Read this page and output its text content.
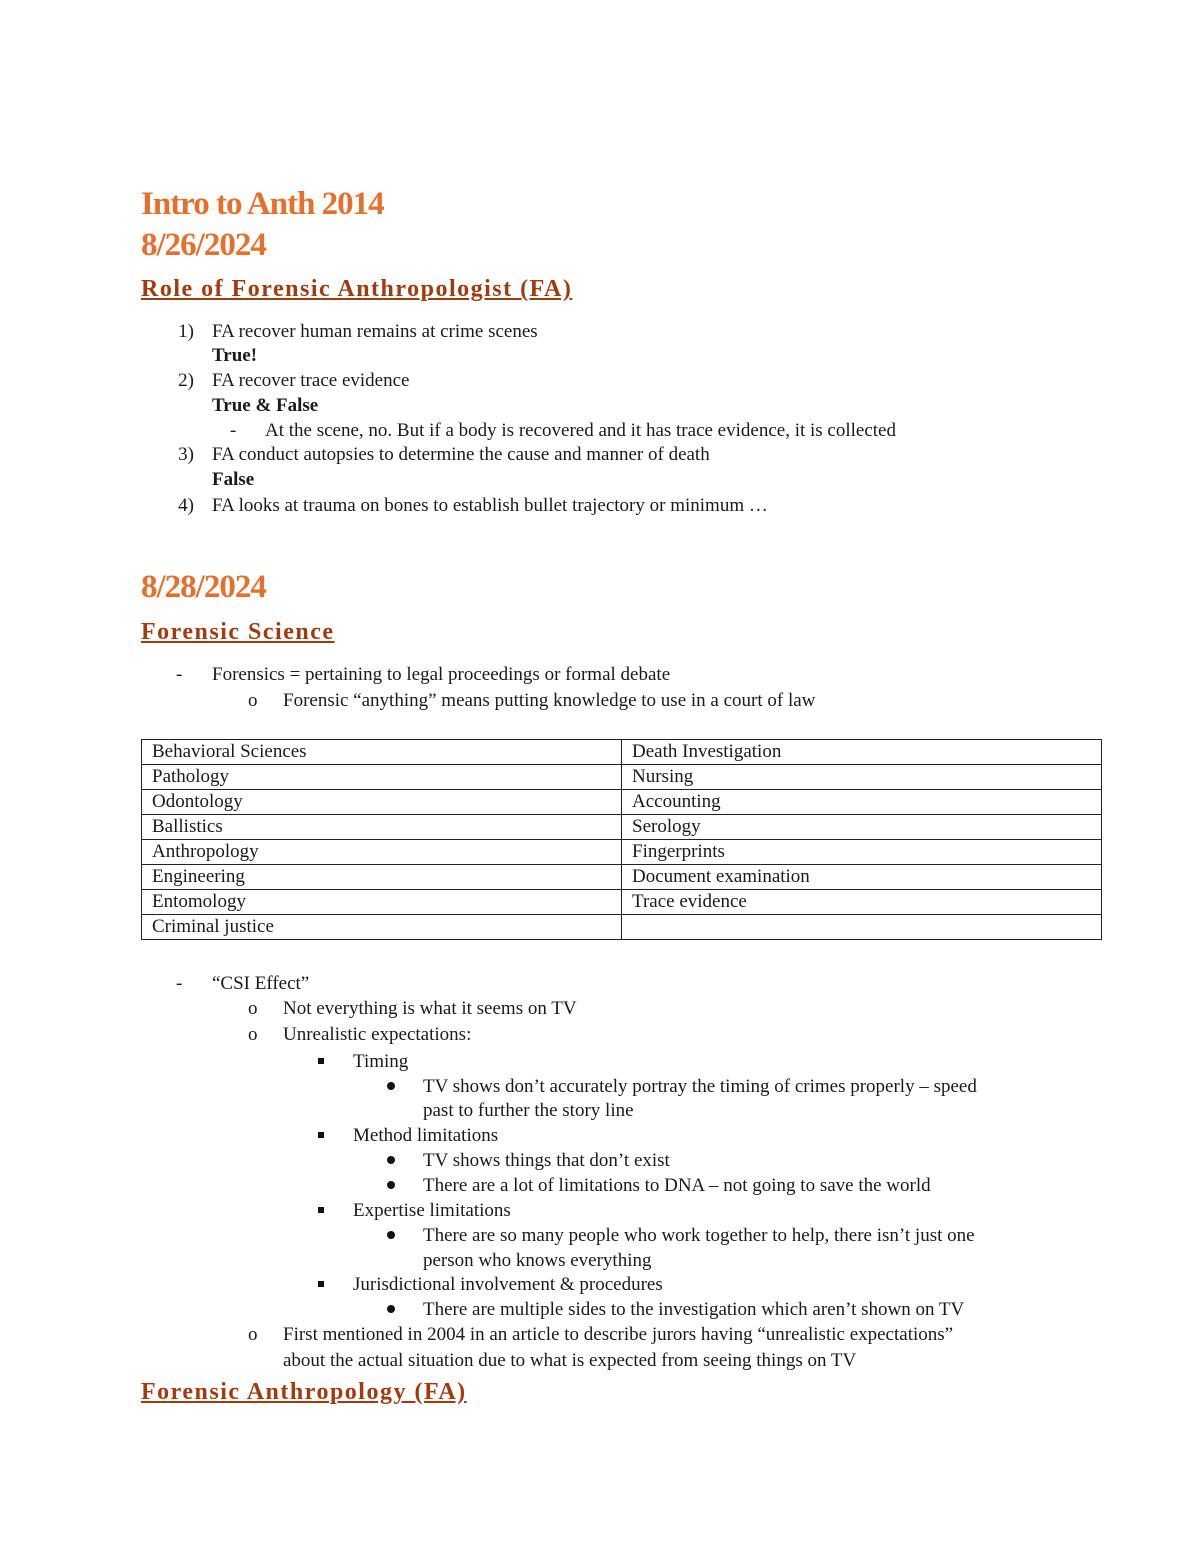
Intro to Anth 2014
8/26/2024
Role of Forensic Anthropologist (FA)
1) FA recover human remains at crime scenes
True!
2) FA recover trace evidence
True & False
- At the scene, no. But if a body is recovered and it has trace evidence, it is collected
3) FA conduct autopsies to determine the cause and manner of death
False
4) FA looks at trauma on bones to establish bullet trajectory or minimum …
8/28/2024
Forensic Science
- Forensics = pertaining to legal proceedings or formal debate
o Forensic “anything” means putting knowledge to use in a court of law
Behavioral Sciences	Death Investigation
Pathology	Nursing
Odontology	Accounting
Ballistics	Serology
Anthropology	Fingerprints
Engineering	Document examination
Entomology	Trace evidence
Criminal justice	
- “CSI Effect”
o Not everything is what it seems on TV
o Unrealistic expectations:
Timing
TV shows don’t accurately portray the timing of crimes properly – speed
past to further the story line
Method limitations
TV shows things that don’t exist
There are a lot of limitations to DNA – not going to save the world
Expertise limitations
There are so many people who work together to help, there isn’t just one
person who knows everything
Jurisdictional involvement & procedures
There are multiple sides to the investigation which aren’t shown on TV
o First mentioned in 2004 in an article to describe jurors having “unrealistic expectations”
about the actual situation due to what is expected from seeing things on TV
Forensic Anthropology (FA)
